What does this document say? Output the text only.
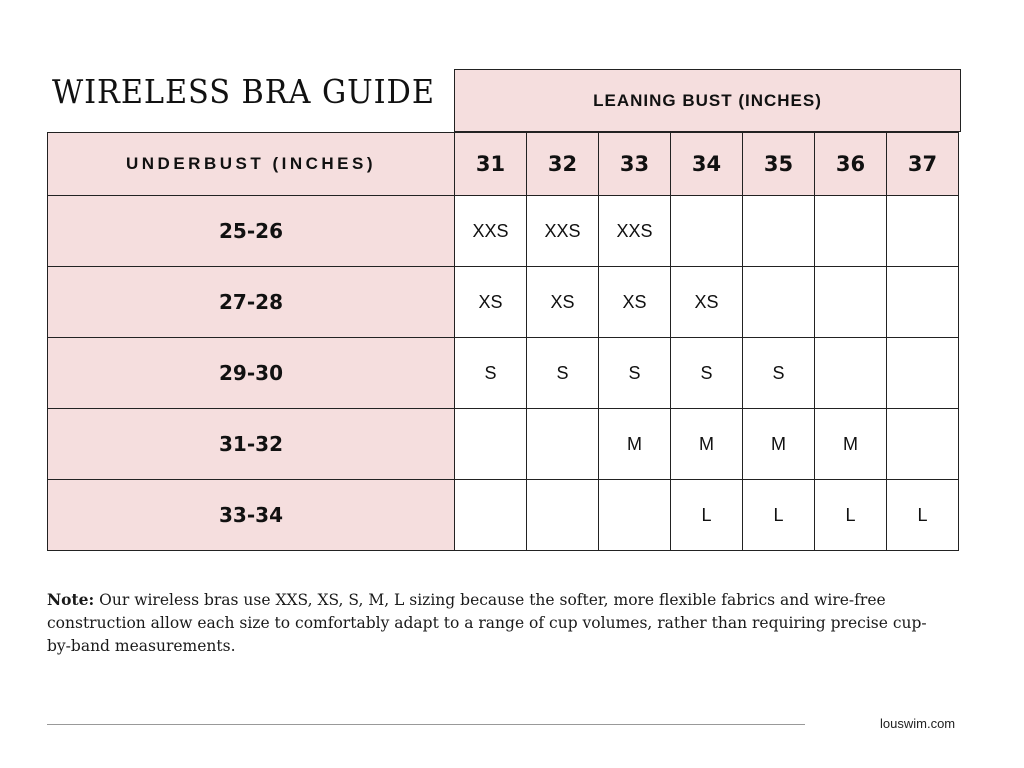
WIRELESS BRA GUIDE	LEANING BUST (INCHES)
UNDERBUST (INCHES)	31	32	33	34	35	36	37
25-26	XXS	XXS	XXS				
27-28	XS	XS	XS	XS			
29-30	S	S	S	S	S		
31-32			M	M	M	M	
33-34				L	L	L	L
Note: Our wireless bras use XXS, XS, S, M, L sizing because the softer, more flexible fabrics and wire-free construction allow each size to comfortably adapt to a range of cup volumes, rather than requiring precise cup-by-band measurements.
louswim.com
